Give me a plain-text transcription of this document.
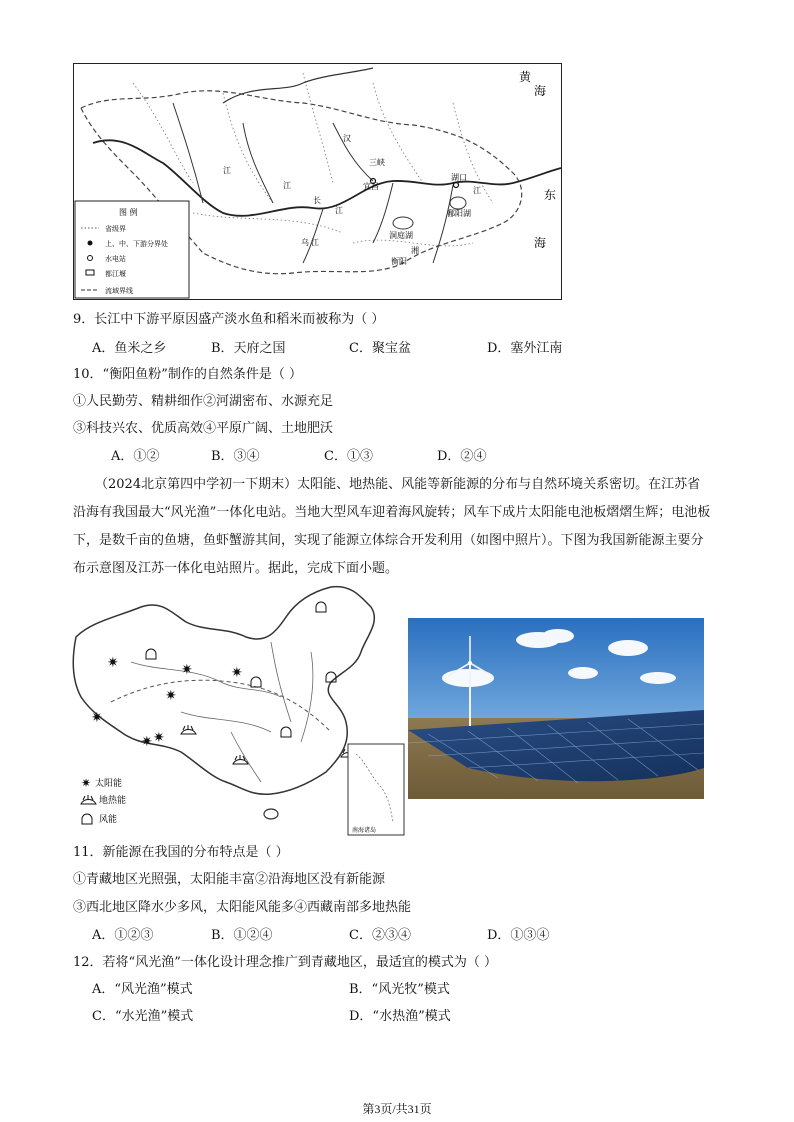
黄
海
东
海
三峡
宜昌
洞庭湖
鄱阳湖
湖口
衡阳
江
江
江
江
汉
长
湘
乌 江
图 例
省级界
上、中、下游分界处
水电站
都江堰
流域界线
9．长江中下游平原因盛产淡水鱼和稻米而被称为（ ）
A．鱼米之乡	B．天府之国	C．聚宝盆	D．塞外江南
10．“衡阳鱼粉”制作的自然条件是（ ）
①人民勤劳、精耕细作②河湖密布、水源充足
③科技兴农、优质高效④平原广阔、土地肥沃
A．①②	B．③④	C．①③	D．②④
（2024北京第四中学初一下期末）太阳能、地热能、风能等新能源的分布与自然环境关系密切。在江苏省沿海有我国最大“风光渔”一体化电站。当地大型风车迎着海风旋转；风车下成片太阳能电池板熠熠生辉；电池板下，是数千亩的鱼塘，鱼虾蟹游其间，实现了能源立体综合开发利用（如图中照片）。下图为我国新能源主要分布示意图及江苏一体化电站照片。据此，完成下面小题。
✷	✷
✷
✷
✷
✷ ✷
✷ 太阳能
地热能
风能
南海诸岛
11．新能源在我国的分布特点是（ ）
①青藏地区光照强，太阳能丰富②沿海地区没有新能源
③西北地区降水少多风，太阳能风能多④西藏南部多地热能
A．①②③	B．①②④	C．②③④	D．①③④
12．若将“风光渔”一体化设计理念推广到青藏地区，最适宜的模式为（ ）
A．“风光渔”模式	B．“风光牧”模式
C．“水光渔”模式	D．“水热渔”模式
第3页/共31页
